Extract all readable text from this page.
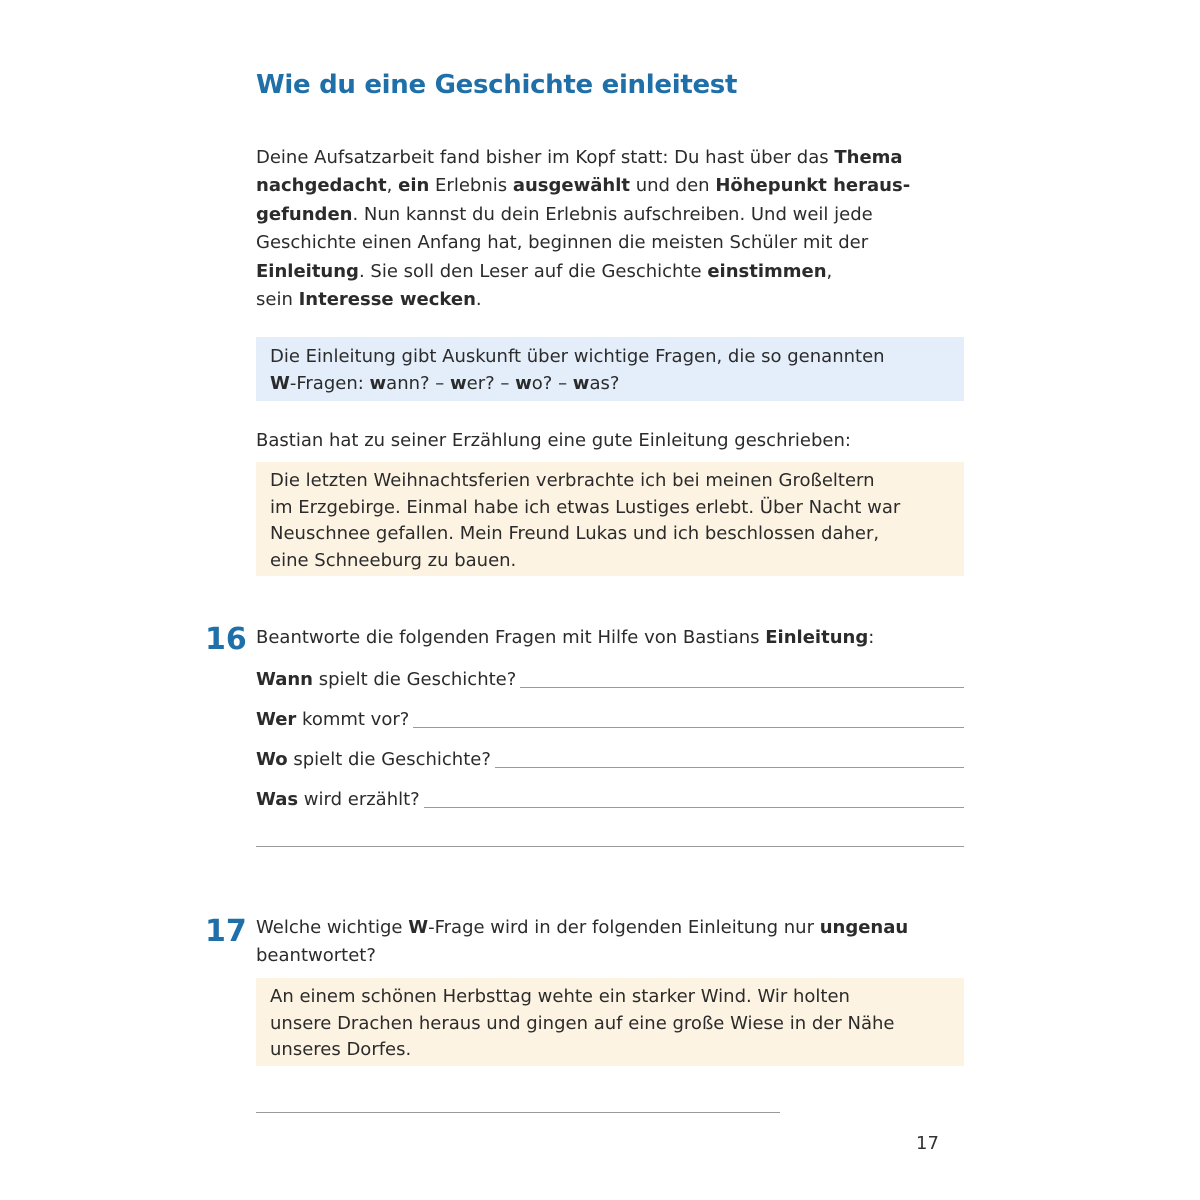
Wie du eine Geschichte einleitest
Deine Aufsatzarbeit fand bisher im Kopf statt: Du hast über das Thema
nachgedacht, ein Erlebnis ausgewählt und den Höhepunkt heraus-
gefunden. Nun kannst du dein Erlebnis aufschreiben. Und weil jede
Geschichte einen Anfang hat, beginnen die meisten Schüler mit der
Einleitung. Sie soll den Leser auf die Geschichte einstimmen,
sein Interesse wecken.
Die Einleitung gibt Auskunft über wichtige Fragen, die so genannten
W-Fragen: wann? – wer? – wo? – was?
Bastian hat zu seiner Erzählung eine gute Einleitung geschrieben:
Die letzten Weihnachtsferien verbrachte ich bei meinen Großeltern
im Erzgebirge. Einmal habe ich etwas Lustiges erlebt. Über Nacht war
Neuschnee gefallen. Mein Freund Lukas und ich beschlossen daher,
eine Schneeburg zu bauen.
16 Beantworte die folgenden Fragen mit Hilfe von Bastians Einleitung:
Wann spielt die Geschichte?
Wer kommt vor?
Wo spielt die Geschichte?
Was wird erzählt?
17 Welche wichtige W-Frage wird in der folgenden Einleitung nur ungenau
beantwortet?
An einem schönen Herbsttag wehte ein starker Wind. Wir holten
unsere Drachen heraus und gingen auf eine große Wiese in der Nähe
unseres Dorfes.
17
